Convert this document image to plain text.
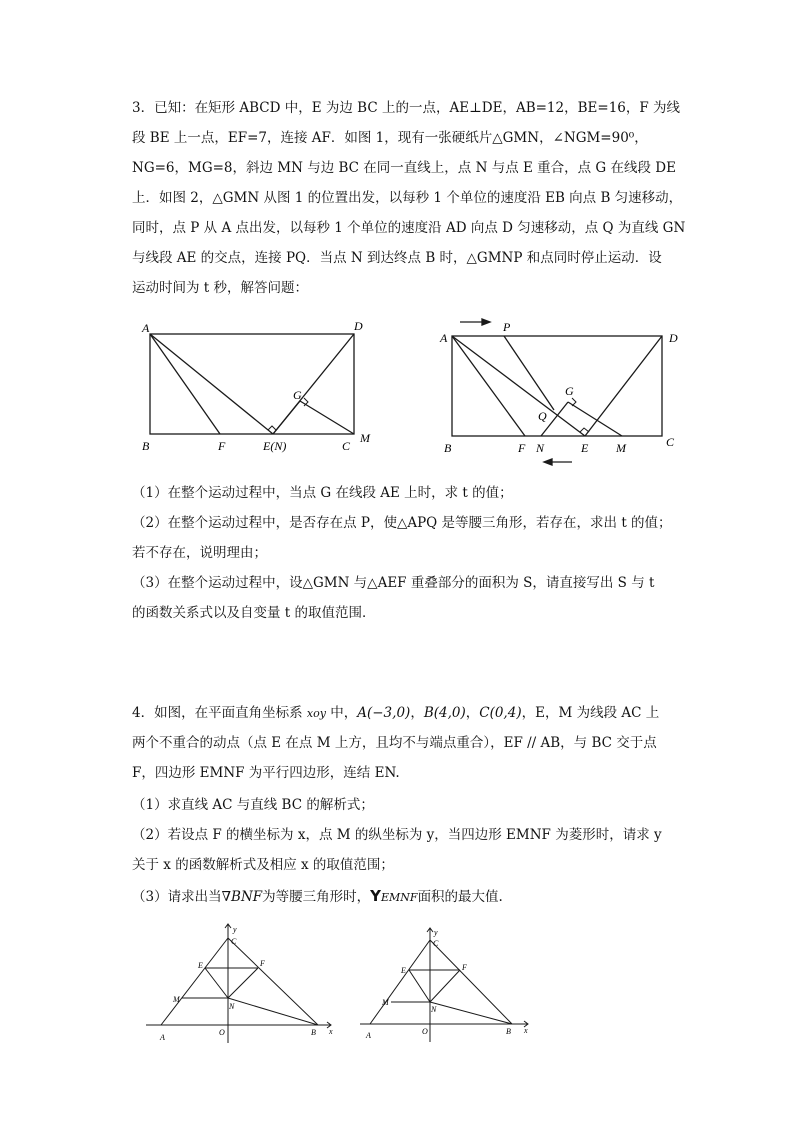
3．已知：在矩形 ABCD 中，E 为边 BC 上的一点，AE⊥DE，AB=12，BE=16，F 为线
段 BE 上一点，EF=7，连接 AF．如图 1，现有一张硬纸片△GMN，∠NGM=90⁰，
NG=6，MG=8，斜边 MN 与边 BC 在同一直线上，点 N 与点 E 重合，点 G 在线段 DE
上．如图 2，△GMN 从图 1 的位置出发，以每秒 1 个单位的速度沿 EB 向点 B 匀速移动，
同时，点 P 从 A 点出发，以每秒 1 个单位的速度沿 AD 向点 D 匀速移动，点 Q 为直线 GN
与线段 AE 的交点，连接 PQ．当点 N 到达终点 B 时，△GMNP 和点同时停止运动．设
运动时间为 t 秒，解答问题：
A	D
G
B	F	E(N)	C
M
A
P
D
G
Q
B	F N	E M	C
（1）在整个运动过程中，当点 G 在线段 AE 上时，求 t 的值；
（2）在整个运动过程中，是否存在点 P，使△APQ 是等腰三角形，若存在，求出 t 的值；
若不存在，说明理由；
（3）在整个运动过程中，设△GMN 与△AEF 重叠部分的面积为 S，请直接写出 S 与 t
的函数关系式以及自变量 t 的取值范围．
4．如图，在平面直角坐标系 xoy 中，A(−3,0)，B(4,0)，C(0,4)，E，M 为线段 AC 上
两个不重合的动点（点 E 在点 M 上方，且均不与端点重合），EF // AB，与 BC 交于点
F，四边形 EMNF 为平行四边形，连结 EN.
（1）求直线 AC 与直线 BC 的解析式；
（2）若设点 F 的横坐标为 x，点 M 的纵坐标为 y，当四边形 EMNF 为菱形时，请求 y
关于 x 的函数解析式及相应 x 的取值范围；
（3）请求出当∇BNF为等腰三角形时，YEMNF面积的最大值.
y
C
E	F
M
N
A
O	B x
y
C
E	F
M
N
A	O	B x
